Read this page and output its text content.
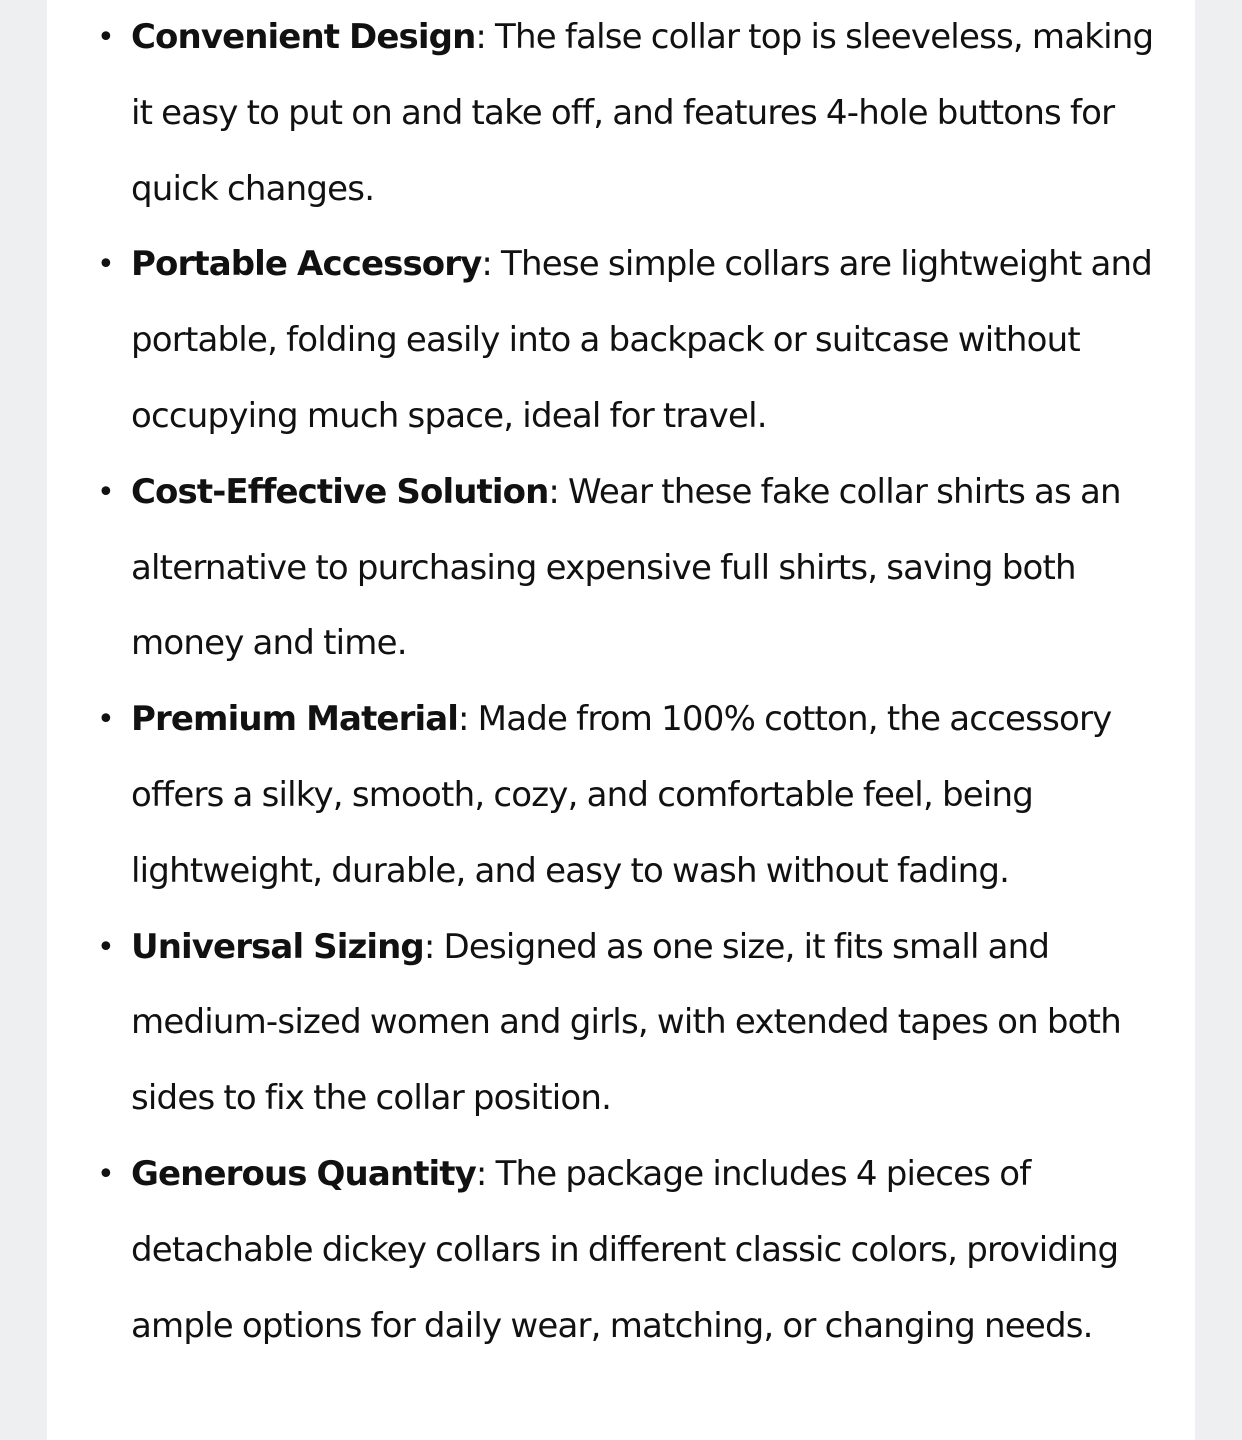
• Convenient Design: The false collar top is sleeveless, making it easy to put on and take off, and features 4-hole buttons for quick changes.
• Portable Accessory: These simple collars are lightweight and portable, folding easily into a backpack or suitcase without occupying much space, ideal for travel.
• Cost-Effective Solution: Wear these fake collar shirts as an alternative to purchasing expensive full shirts, saving both money and time.
• Premium Material: Made from 100% cotton, the accessory offers a silky, smooth, cozy, and comfortable feel, being lightweight, durable, and easy to wash without fading.
• Universal Sizing: Designed as one size, it fits small and medium-sized women and girls, with extended tapes on both sides to fix the collar position.
• Generous Quantity: The package includes 4 pieces of detachable dickey collars in different classic colors, providing ample options for daily wear, matching, or changing needs.
